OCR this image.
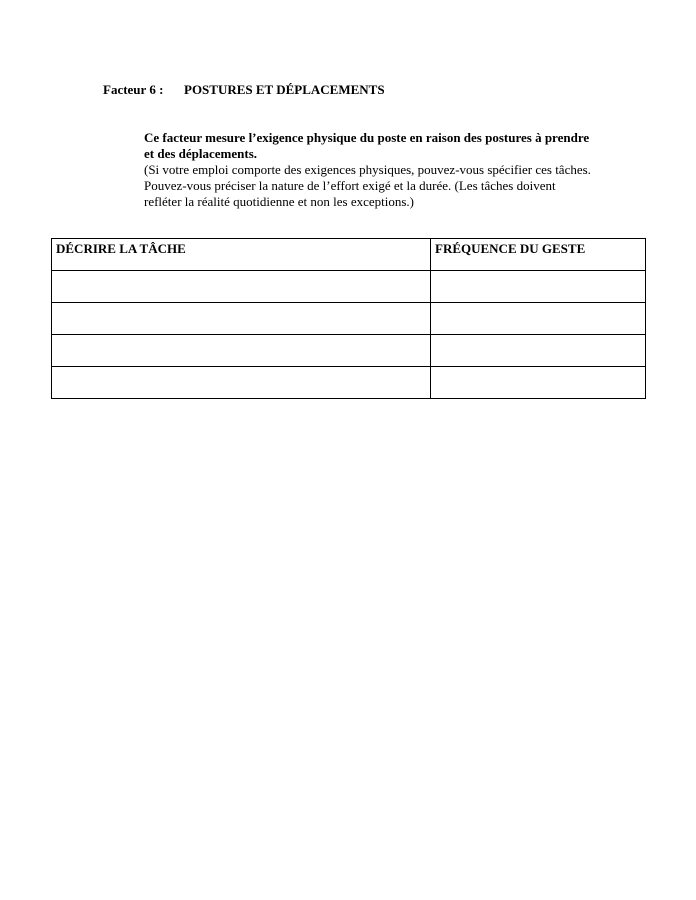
Facteur 6 : POSTURES ET DÉPLACEMENTS
Ce facteur mesure l’exigence physique du poste en raison des postures à prendre et des déplacements.
(Si votre emploi comporte des exigences physiques, pouvez-vous spécifier ces tâches. Pouvez-vous préciser la nature de l’effort exigé et la durée. (Les tâches doivent refléter la réalité quotidienne et non les exceptions.)
DÉCRIRE LA TÂCHE	FRÉQUENCE DU GESTE
